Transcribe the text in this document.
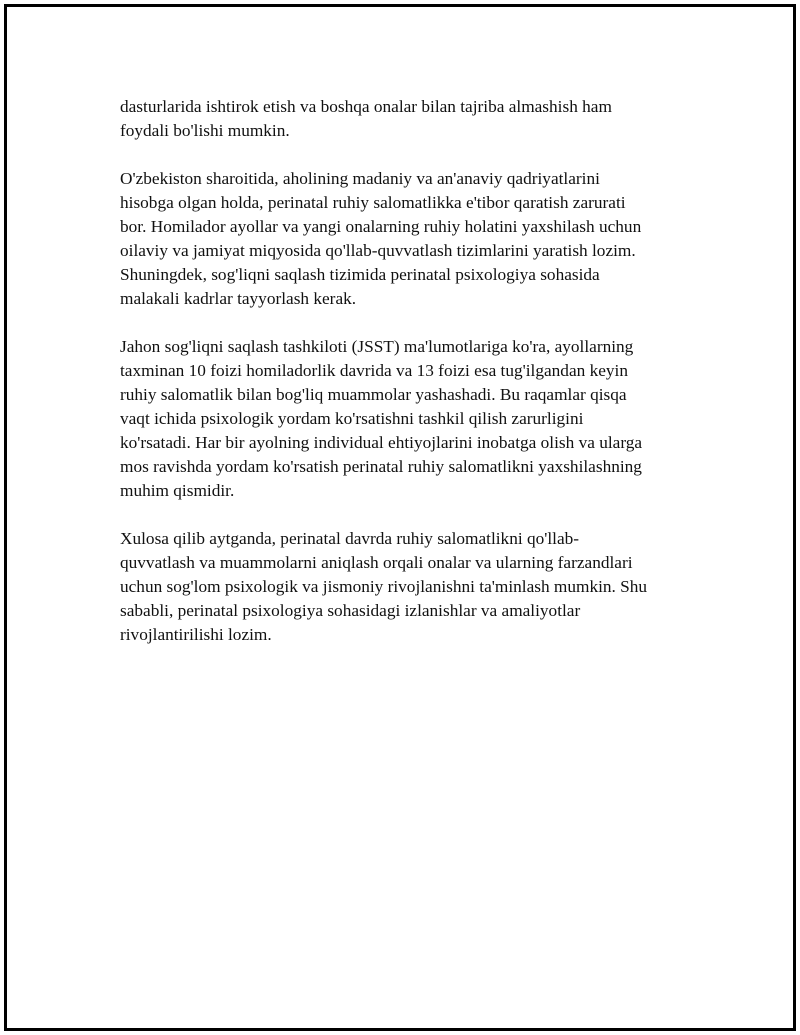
dasturlarida ishtirok etish va boshqa onalar bilan tajriba almashish ham
foydali bo'lishi mumkin.

O'zbekiston sharoitida, aholining madaniy va an'anaviy qadriyatlarini
hisobga olgan holda, perinatal ruhiy salomatlikka e'tibor qaratish zarurati
bor. Homilador ayollar va yangi onalarning ruhiy holatini yaxshilash uchun
oilaviy va jamiyat miqyosida qo'llab-quvvatlash tizimlarini yaratish lozim.
Shuningdek, sog'liqni saqlash tizimida perinatal psixologiya sohasida
malakali kadrlar tayyorlash kerak.

Jahon sog'liqni saqlash tashkiloti (JSST) ma'lumotlariga ko'ra, ayollarning
taxminan 10 foizi homiladorlik davrida va 13 foizi esa tug'ilgandan keyin
ruhiy salomatlik bilan bog'liq muammolar yashashadi. Bu raqamlar qisqa
vaqt ichida psixologik yordam ko'rsatishni tashkil qilish zarurligini
ko'rsatadi. Har bir ayolning individual ehtiyojlarini inobatga olish va ularga
mos ravishda yordam ko'rsatish perinatal ruhiy salomatlikni yaxshilashning
muhim qismidir.

Xulosa qilib aytganda, perinatal davrda ruhiy salomatlikni qo'llab-
quvvatlash va muammolarni aniqlash orqali onalar va ularning farzandlari
uchun sog'lom psixologik va jismoniy rivojlanishni ta'minlash mumkin. Shu
sababli, perinatal psixologiya sohasidagi izlanishlar va amaliyotlar
rivojlantirilishi lozim.
